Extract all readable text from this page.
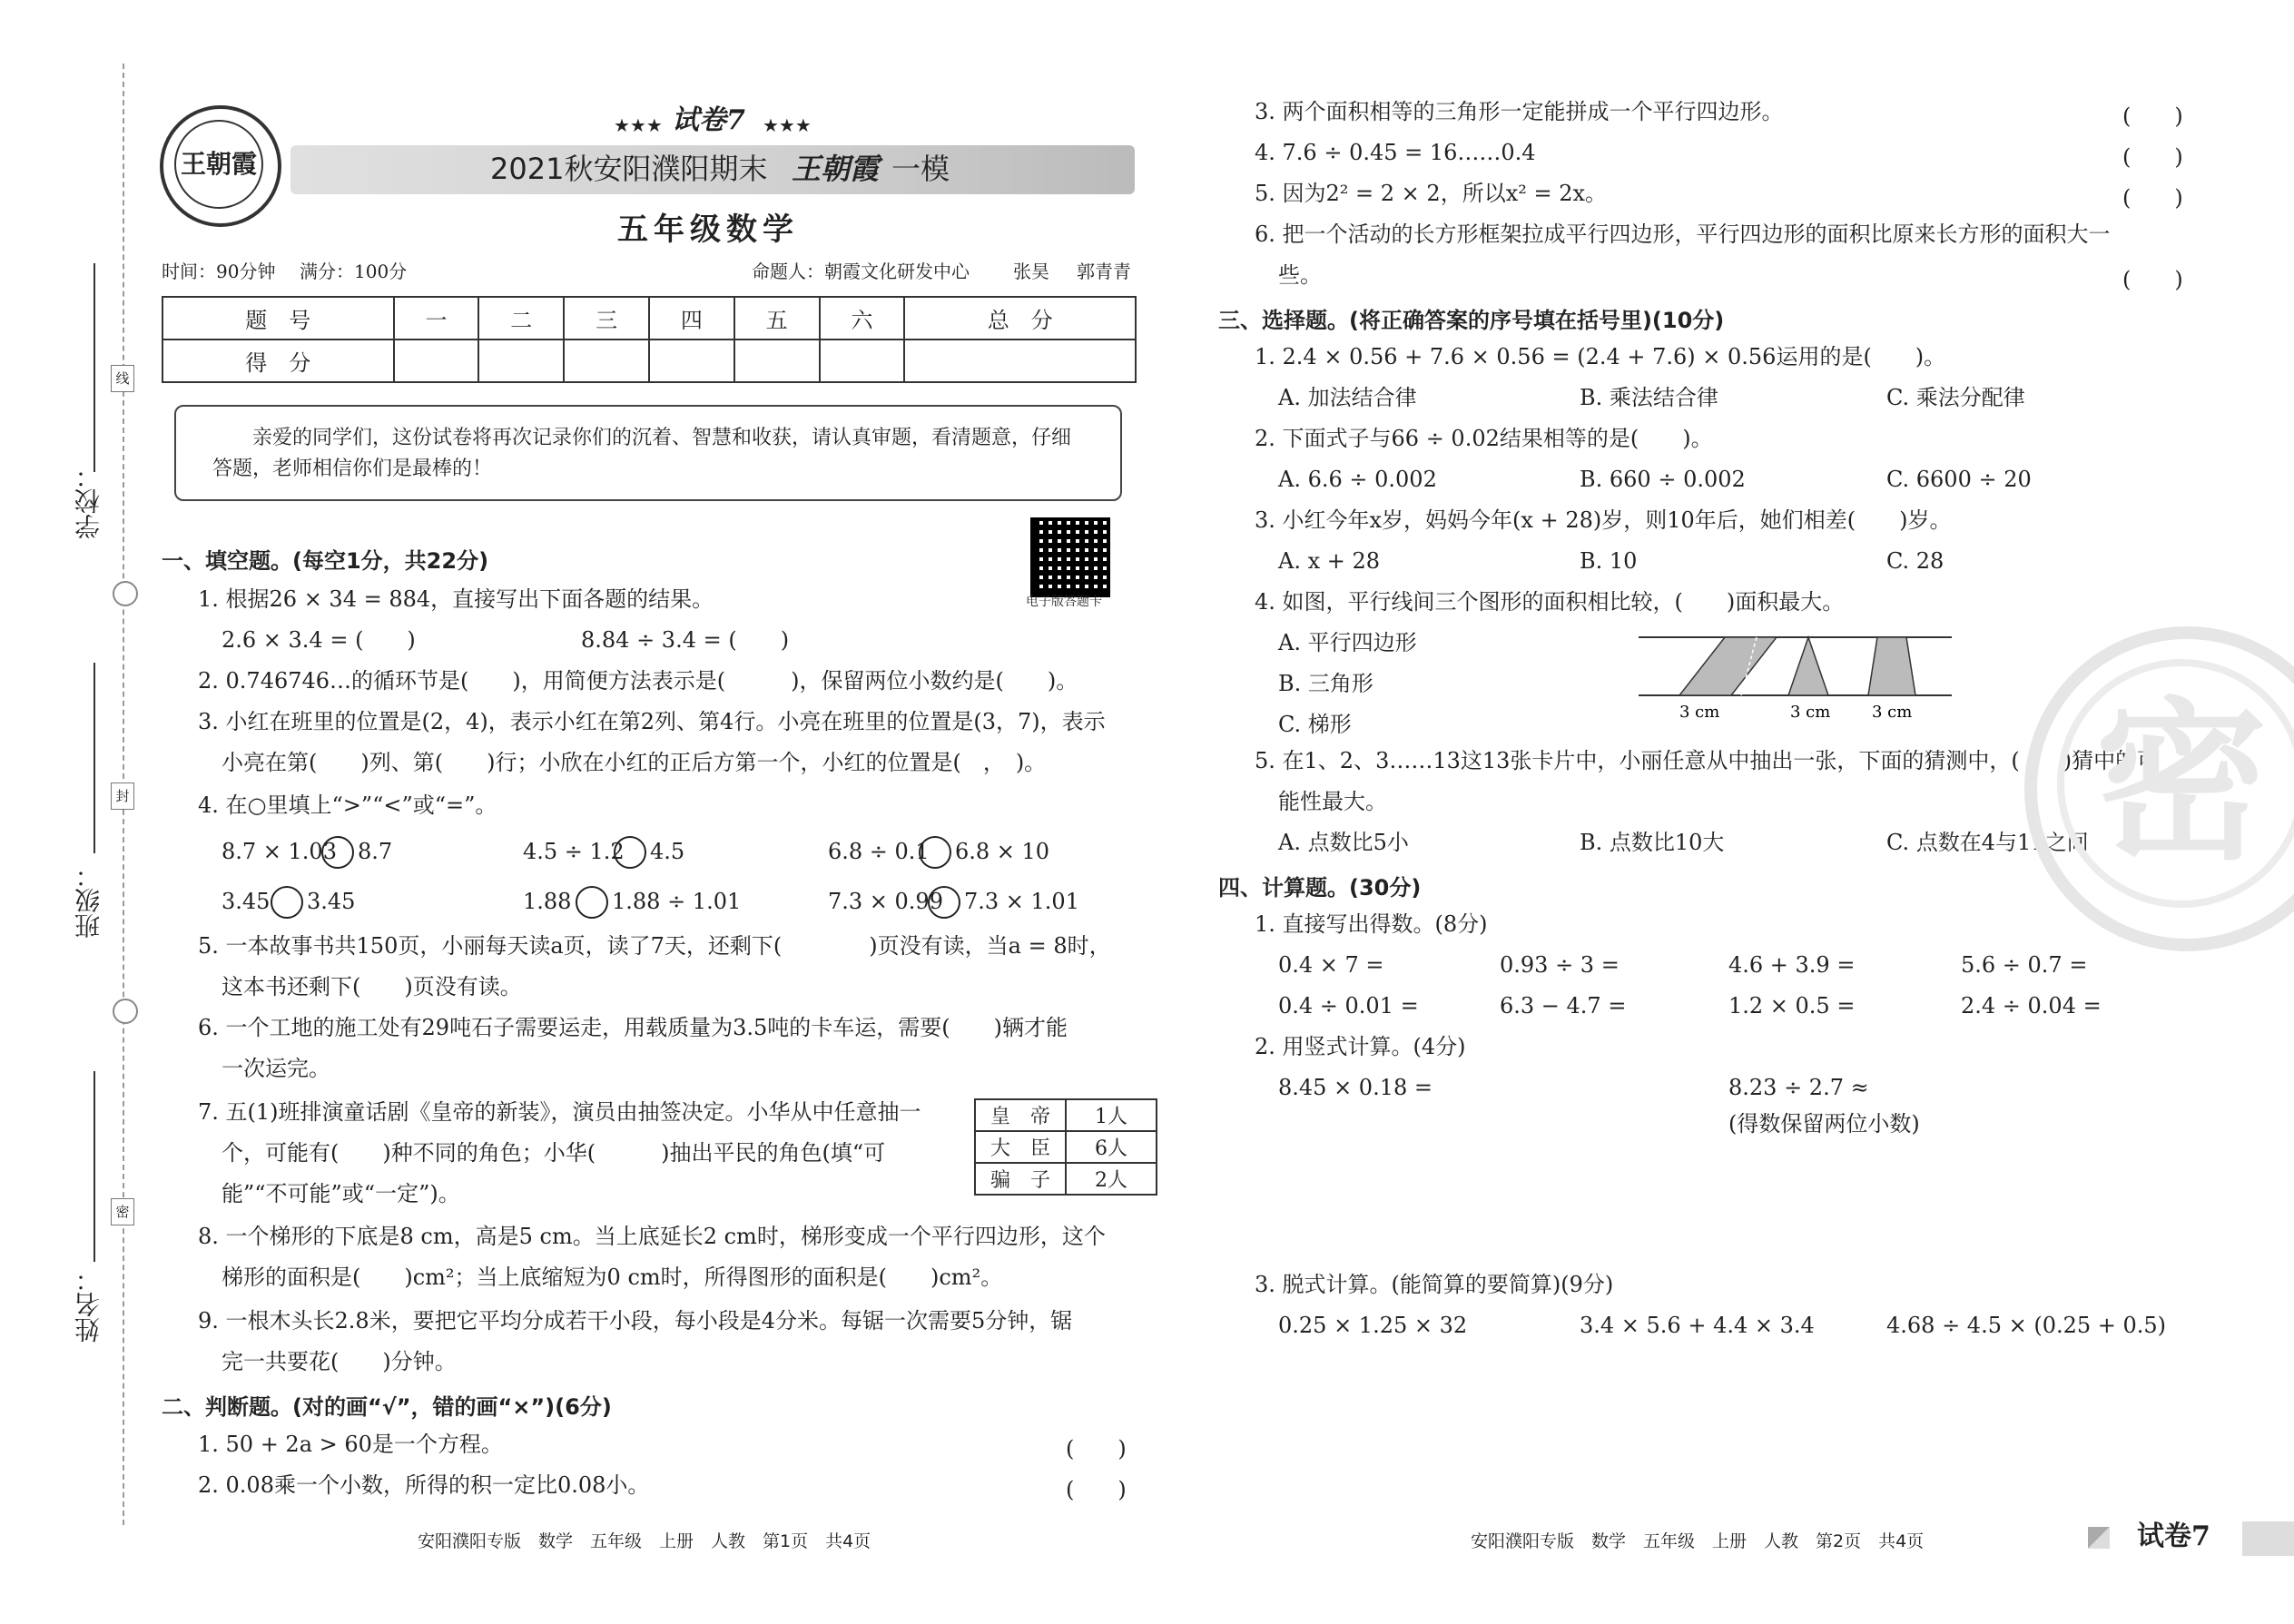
学校：
班级：
姓名：
线
封
密
王朝霞
★★★ 试卷7 ★★★
2021秋安阳濮阳期末 王朝霞 一模
五年级数学
时间：90分钟 满分：100分	命题人：朝霞文化研发中心 张昊 郭青青
题　号	一	二	三	四	五	六	总　分
得　分							
亲爱的同学们，这份试卷将再次记录你们的沉着、智慧和收获，请认真审题，看清题意，仔细答题，老师相信你们是最棒的！
电子版答题卡
一、填空题。(每空1分，共22分)
1. 根据26 × 34 = 884，直接写出下面各题的结果。
2.6 × 3.4 = (　　)	8.84 ÷ 3.4 = (　　)
2. 0.746746…的循环节是(　　)，用简便方法表示是(　　　)，保留两位小数约是(　　)。
3. 小红在班里的位置是(2，4)，表示小红在第2列、第4行。小亮在班里的位置是(3，7)，表示
小亮在第(　　)列、第(　　)行；小欣在小红的正后方第一个，小红的位置是(　，　)。
4. 在○里填上“>”“<”或“=”。
8.7 × 1.03 8.7	4.5 ÷ 1.2 4.5	6.8 ÷ 0.1 6.8 × 10
3.45 3.45	1.88 1.88 ÷ 1.01	7.3 × 0.99 7.3 × 1.01
5. 一本故事书共150页，小丽每天读a页，读了7天，还剩下(　　　　)页没有读，当a = 8时，
这本书还剩下(　　)页没有读。
6. 一个工地的施工处有29吨石子需要运走，用载质量为3.5吨的卡车运，需要(　　)辆才能
一次运完。
7. 五(1)班排演童话剧《皇帝的新装》，演员由抽签决定。小华从中任意抽一
个，可能有(　　)种不同的角色；小华(　　　)抽出平民的角色(填“可
能”“不可能”或“一定”)。
皇　帝	1人
大　臣	6人
骗　子	2人
8. 一个梯形的下底是8 cm，高是5 cm。当上底延长2 cm时，梯形变成一个平行四边形，这个
梯形的面积是(　　)cm²；当上底缩短为0 cm时，所得图形的面积是(　　)cm²。
9. 一根木头长2.8米，要把它平均分成若干小段，每小段是4分米。每锯一次需要5分钟，锯
完一共要花(　　)分钟。
二、判断题。(对的画“√”，错的画“×”)(6分)
1. 50 + 2a > 60是一个方程。	(　　)
2. 0.08乘一个小数，所得的积一定比0.08小。	(　　)
安阳濮阳专版　数学　五年级　上册　人教　第1页　共4页
3. 两个面积相等的三角形一定能拼成一个平行四边形。	(　　)
4. 7.6 ÷ 0.45 = 16……0.4	(　　)
5. 因为2² = 2 × 2，所以x² = 2x。	(　　)
6. 把一个活动的长方形框架拉成平行四边形，平行四边形的面积比原来长方形的面积大一
些。	(　　)
三、选择题。(将正确答案的序号填在括号里)(10分)
1. 2.4 × 0.56 + 7.6 × 0.56 = (2.4 + 7.6) × 0.56运用的是(　　)。
A. 加法结合律	B. 乘法结合律	C. 乘法分配律
2. 下面式子与66 ÷ 0.02结果相等的是(　　)。
A. 6.6 ÷ 0.002	B. 660 ÷ 0.002	C. 6600 ÷ 20
3. 小红今年x岁，妈妈今年(x + 28)岁，则10年后，她们相差(　　)岁。
A. x + 28	B. 10	C. 28
4. 如图，平行线间三个图形的面积相比较，(　　)面积最大。
A. 平行四边形
B. 三角形
C. 梯形	3 cm	3 cm	3 cm
5. 在1、2、3……13这13张卡片中，小丽任意从中抽出一张，下面的猜测中，(　　)猜中的可
能性最大。
A. 点数比5小	B. 点数比10大	C. 点数在4与11之间
四、计算题。(30分)
1. 直接写出得数。(8分)
0.4 × 7 =	0.93 ÷ 3 =	4.6 + 3.9 =	5.6 ÷ 0.7 =
0.4 ÷ 0.01 =	6.3 − 4.7 =	1.2 × 0.5 =	2.4 ÷ 0.04 =
2. 用竖式计算。(4分)
8.45 × 0.18 =	8.23 ÷ 2.7 ≈
(得数保留两位小数)
3. 脱式计算。(能简算的要简算)(9分)
0.25 × 1.25 × 32	3.4 × 5.6 + 4.4 × 3.4	4.68 ÷ 4.5 × (0.25 + 0.5)
密
安阳濮阳专版　数学　五年级　上册　人教　第2页　共4页	试卷7
